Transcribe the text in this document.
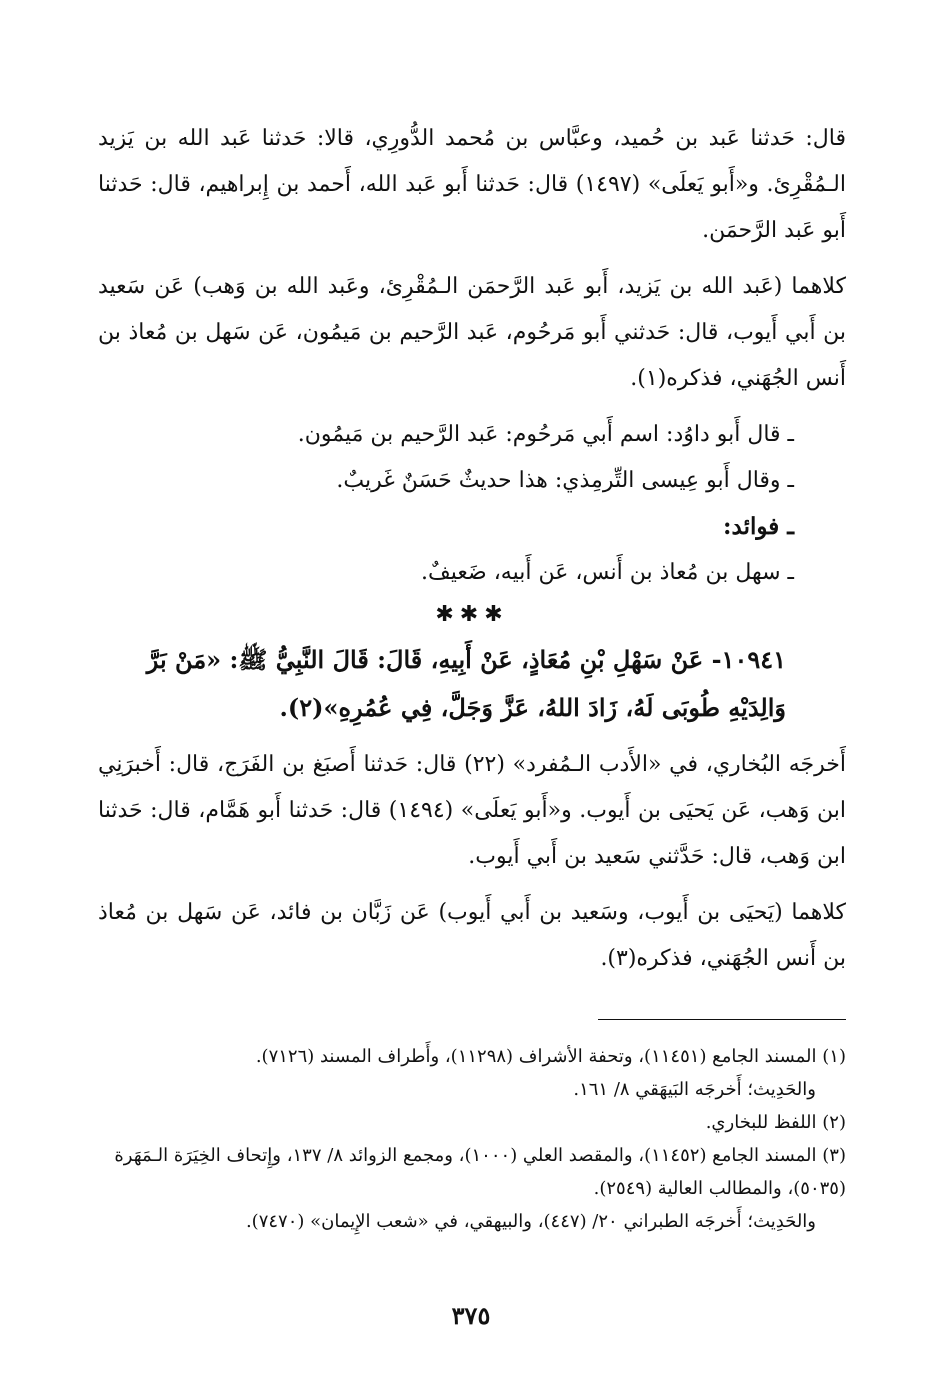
قال: حَدثنا عَبد بن حُميد، وعبَّاس بن مُحمد الدُّورِي، قالا: حَدثنا عَبد الله بن يَزيد الـمُقْرِئ. و«أَبو يَعلَى» (١٤٩٧) قال: حَدثنا أَبو عَبد الله، أَحمد بن إِبراهيم، قال: حَدثنا أَبو عَبد الرَّحمَن.

كلاهما (عَبد الله بن يَزيد، أَبو عَبد الرَّحمَن الـمُقْرِئ، وعَبد الله بن وَهب) عَن سَعيد بن أَبي أَيوب، قال: حَدثني أَبو مَرحُوم، عَبد الرَّحيم بن مَيمُون، عَن سَهل بن مُعاذ بن أَنس الجُهَني، فذكره(١).

ـ قال أَبو داوُد: اسم أَبي مَرحُوم: عَبد الرَّحيم بن مَيمُون.

ـ وقال أَبو عِيسى التِّرمِذي: هذا حديثٌ حَسَنٌ غَريبٌ.

ـ فوائد:

ـ سهل بن مُعاذ بن أَنس، عَن أَبيه، ضَعيفٌ.

✱✱✱

١٠٩٤١- عَنْ سَهْلِ بْنِ مُعَاذٍ، عَنْ أَبِيهِ، قَالَ: قَالَ النَّبِيُّ ﷺ: «مَنْ بَرَّ وَالِدَيْهِ طُوبَى لَهُ، زَادَ اللهُ، عَزَّ وَجَلَّ، فِي عُمُرِهِ»(٢).

أَخرجَه البُخاري، في «الأَدب الـمُفرد» (٢٢) قال: حَدثنا أَصبَغ بن الفَرَج، قال: أَخبرَنِي ابن وَهب، عَن يَحيَى بن أَيوب. و«أَبو يَعلَى» (١٤٩٤) قال: حَدثنا أَبو هَمَّام، قال: حَدثنا ابن وَهب، قال: حَدَّثني سَعيد بن أَبي أَيوب.

كلاهما (يَحيَى بن أَيوب، وسَعيد بن أَبي أَيوب) عَن زَبَّان بن فائد، عَن سَهل بن مُعاذ بن أَنس الجُهَني، فذكره(٣).

(١) المسند الجامع (١١٤٥١)، وتحفة الأشراف (١١٢٩٨)، وأَطراف المسند (٧١٢٦).

والحَدِيث؛ أَخرجَه البَيهَقي ٨/ ١٦١.

(٢) اللفظ للبخاري.

(٣) المسند الجامع (١١٤٥٢)، والمقصد العلي (١٠٠٠)، ومجمع الزوائد ٨/ ١٣٧، وإِتحاف الخِيَرَة الـمَهَرة (٥٠٣٥)، والمطالب العالية (٢٥٤٩).

والحَدِيث؛ أَخرجَه الطبراني ٢٠/ (٤٤٧)، والبيهقي، في «شعب الإِيمان» (٧٤٧٠).

٣٧٥
